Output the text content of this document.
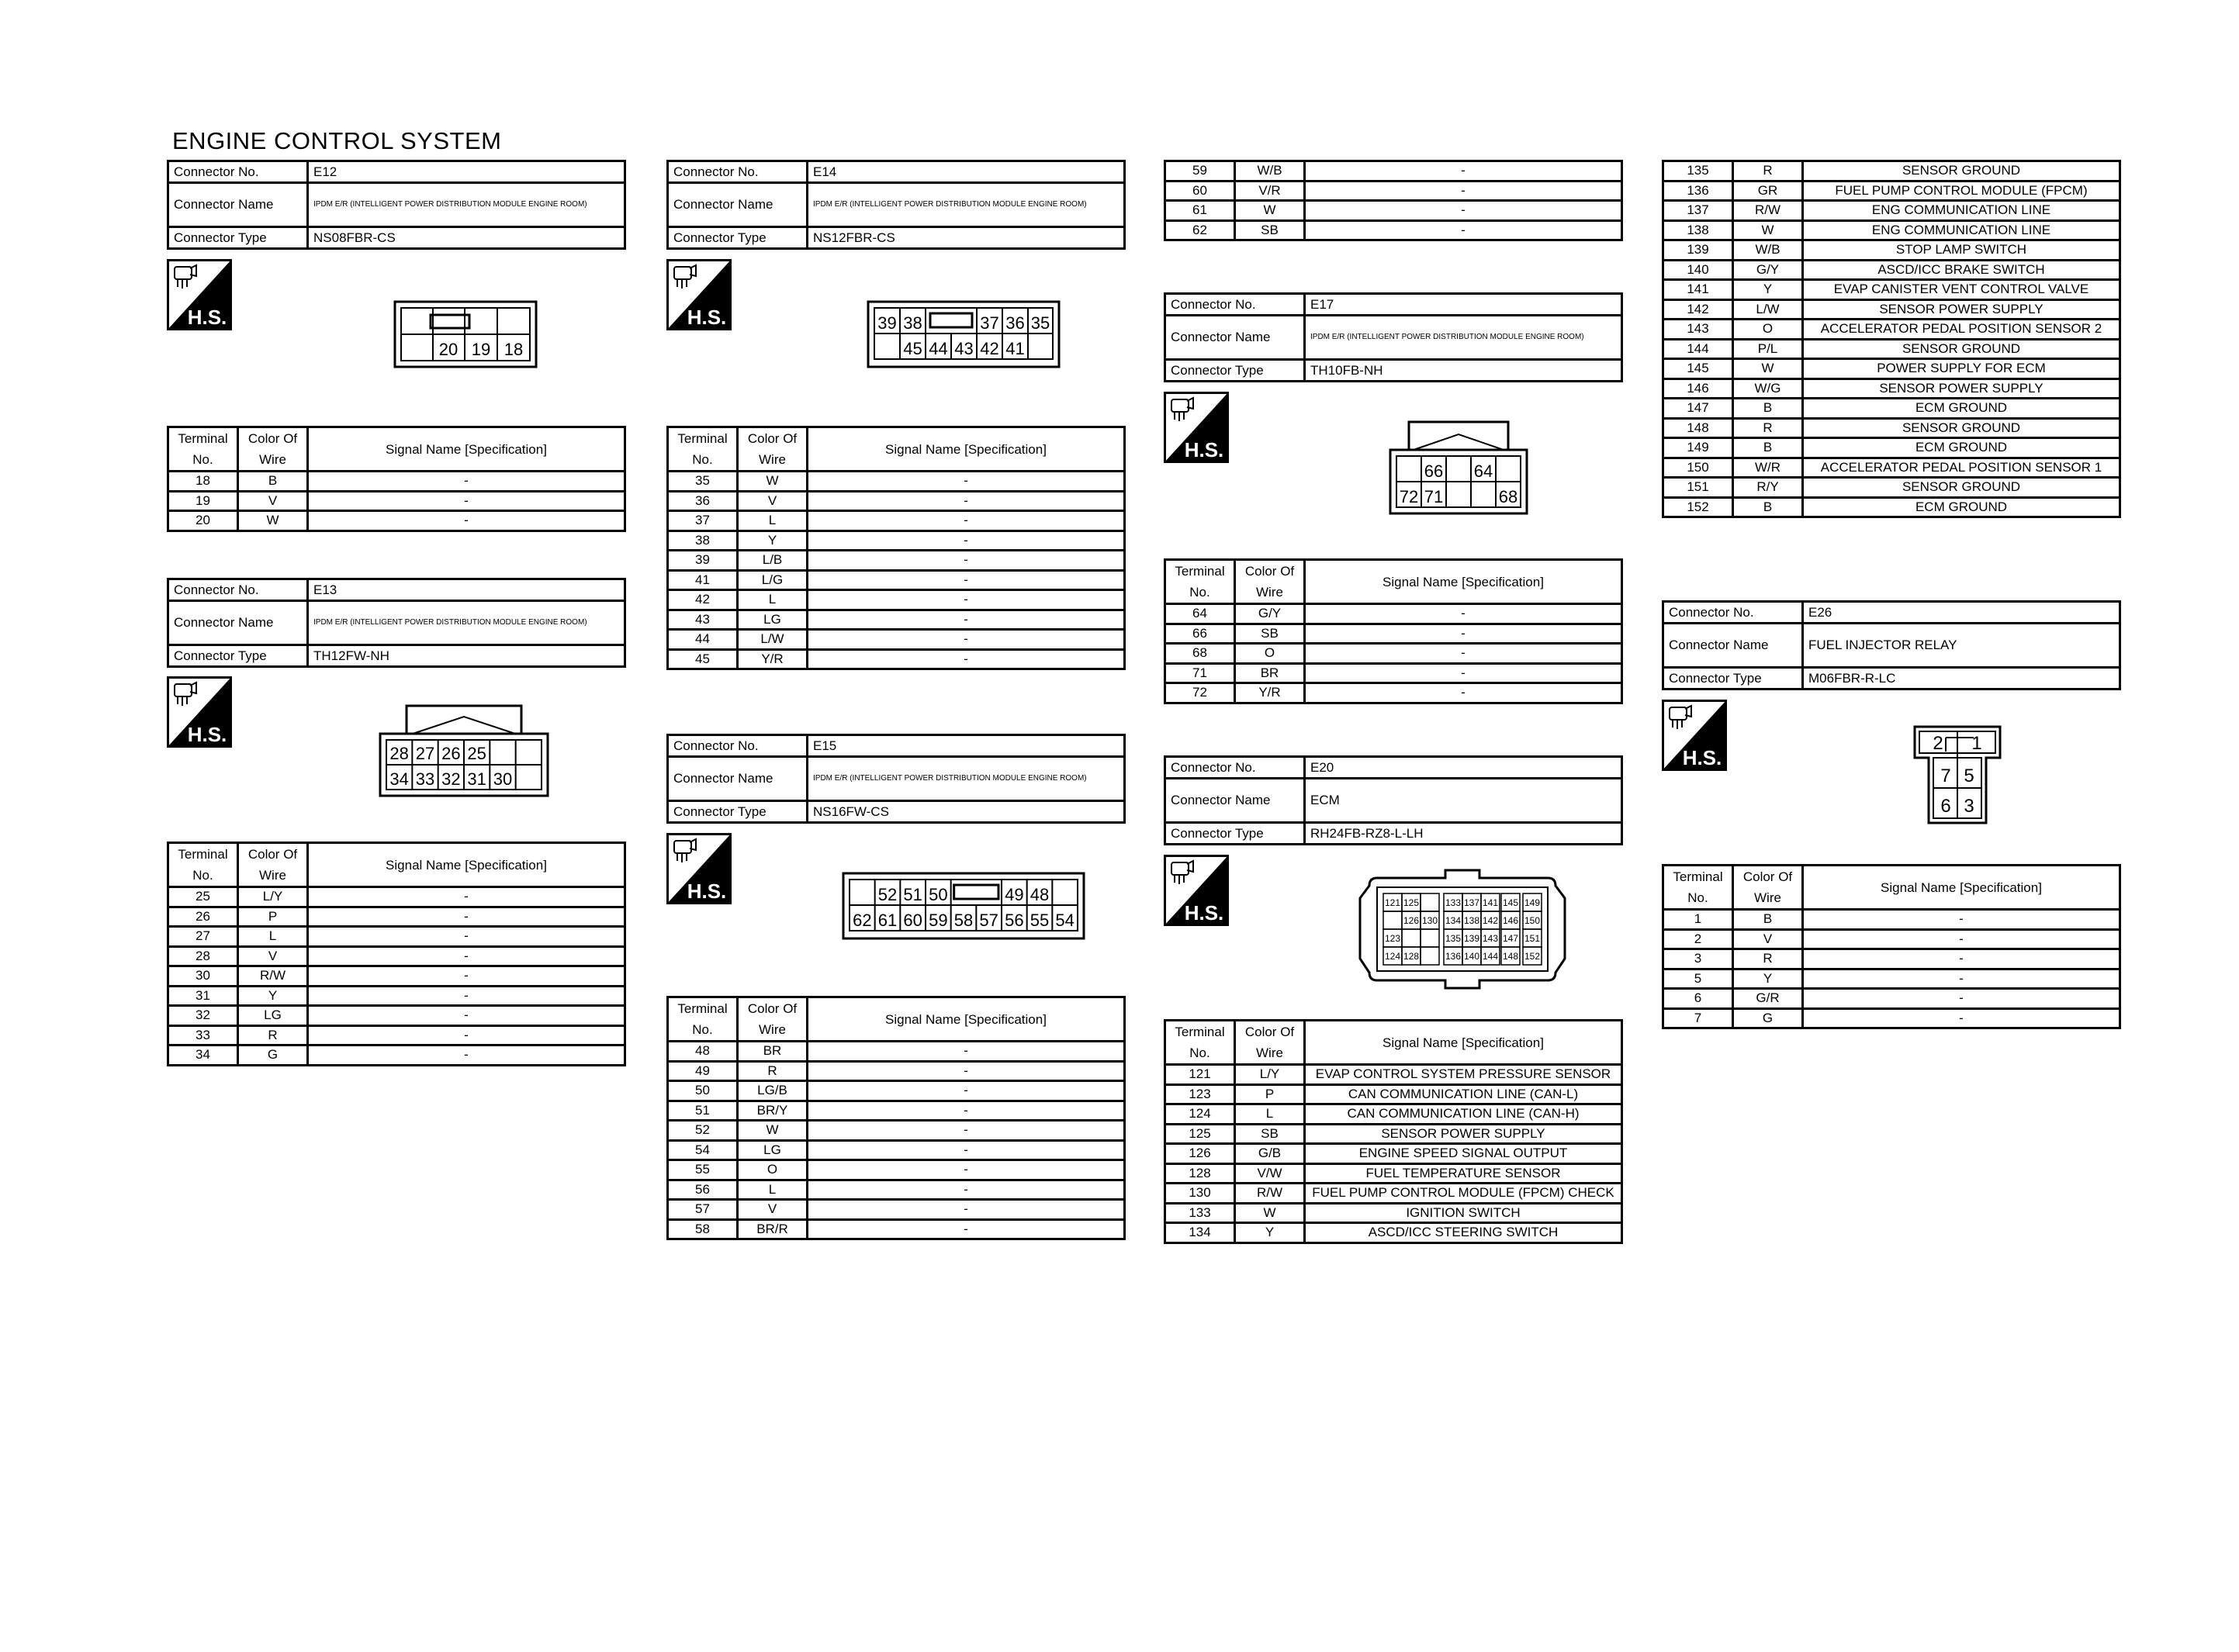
ENGINE CONTROL SYSTEM
Connector No.	E12
Connector Name	IPDM E/R (INTELLIGENT POWER DISTRIBUTION MODULE ENGINE ROOM)
Connector Type	NS08FBR-CS
H.S.
20 19 18
Terminal No.	Color Of Wire	Signal Name [Specification]
18	B	-
19	V	-
20	W	-
Connector No.	E13
Connector Name	IPDM E/R (INTELLIGENT POWER DISTRIBUTION MODULE ENGINE ROOM)
Connector Type	TH12FW-NH
H.S.
28 27 26 25
34 33 32 31 30
Terminal No.	Color Of Wire	Signal Name [Specification]
25	L/Y	-
26	P	-
27	L	-
28	V	-
30	R/W	-
31	Y	-
32	LG	-
33	R	-
34	G	-
Connector No.	E14
Connector Name	IPDM E/R (INTELLIGENT POWER DISTRIBUTION MODULE ENGINE ROOM)
Connector Type	NS12FBR-CS
H.S.	39 38	37 36 35
45 44 43 42 41
Terminal No.	Color Of Wire	Signal Name [Specification]
35	W	-
36	V	-
37	L	-
38	Y	-
39	L/B	-
41	L/G	-
42	L	-
43	LG	-
44	L/W	-
45	Y/R	-
Connector No.	E15
Connector Name	IPDM E/R (INTELLIGENT POWER DISTRIBUTION MODULE ENGINE ROOM)
Connector Type	NS16FW-CS
H.S.	52 51 50	49 48
62 61 60 59 58 57 56 55 54
Terminal No.	Color Of Wire	Signal Name [Specification]
48	BR	-
49	R	-
50	LG/B	-
51	BR/Y	-
52	W	-
54	LG	-
55	O	-
56	L	-
57	V	-
58	BR/R	-
59	W/B	-
60	V/R	-
61	W	-
62	SB	-
Connector No.	E17
Connector Name	IPDM E/R (INTELLIGENT POWER DISTRIBUTION MODULE ENGINE ROOM)
Connector Type	TH10FB-NH
H.S.
66 64
72 71	68
Terminal No.	Color Of Wire	Signal Name [Specification]
64	G/Y	-
66	SB	-
68	O	-
71	BR	-
72	Y/R	-
Connector No.	E20
Connector Name	ECM
Connector Type	RH24FB-RZ8-L-LH
H.S.	121 125	133 137 141 145 149
126 130 134 138 142 146 150
123	135 139 143 147 151
124 128	136 140 144 148 152
Terminal No.	Color Of Wire	Signal Name [Specification]
121	L/Y	EVAP CONTROL SYSTEM PRESSURE SENSOR
123	P	CAN COMMUNICATION LINE (CAN-L)
124	L	CAN COMMUNICATION LINE (CAN-H)
125	SB	SENSOR POWER SUPPLY
126	G/B	ENGINE SPEED SIGNAL OUTPUT
128	V/W	FUEL TEMPERATURE SENSOR
130	R/W	FUEL PUMP CONTROL MODULE (FPCM) CHECK
133	W	IGNITION SWITCH
134	Y	ASCD/ICC STEERING SWITCH
135	R	SENSOR GROUND
136	GR	FUEL PUMP CONTROL MODULE (FPCM)
137	R/W	ENG COMMUNICATION LINE
138	W	ENG COMMUNICATION LINE
139	W/B	STOP LAMP SWITCH
140	G/Y	ASCD/ICC BRAKE SWITCH
141	Y	EVAP CANISTER VENT CONTROL VALVE
142	L/W	SENSOR POWER SUPPLY
143	O	ACCELERATOR PEDAL POSITION SENSOR 2
144	P/L	SENSOR GROUND
145	W	POWER SUPPLY FOR ECM
146	W/G	SENSOR POWER SUPPLY
147	B	ECM GROUND
148	R	SENSOR GROUND
149	B	ECM GROUND
150	W/R	ACCELERATOR PEDAL POSITION SENSOR 1
151	R/Y	SENSOR GROUND
152	B	ECM GROUND
Connector No.	E26
Connector Name	FUEL INJECTOR RELAY
Connector Type	M06FBR-R-LC
H.S.
2 1
7 5
6 3
Terminal No.	Color Of Wire	Signal Name [Specification]
1	B	-
2	V	-
3	R	-
5	Y	-
6	G/R	-
7	G	-
